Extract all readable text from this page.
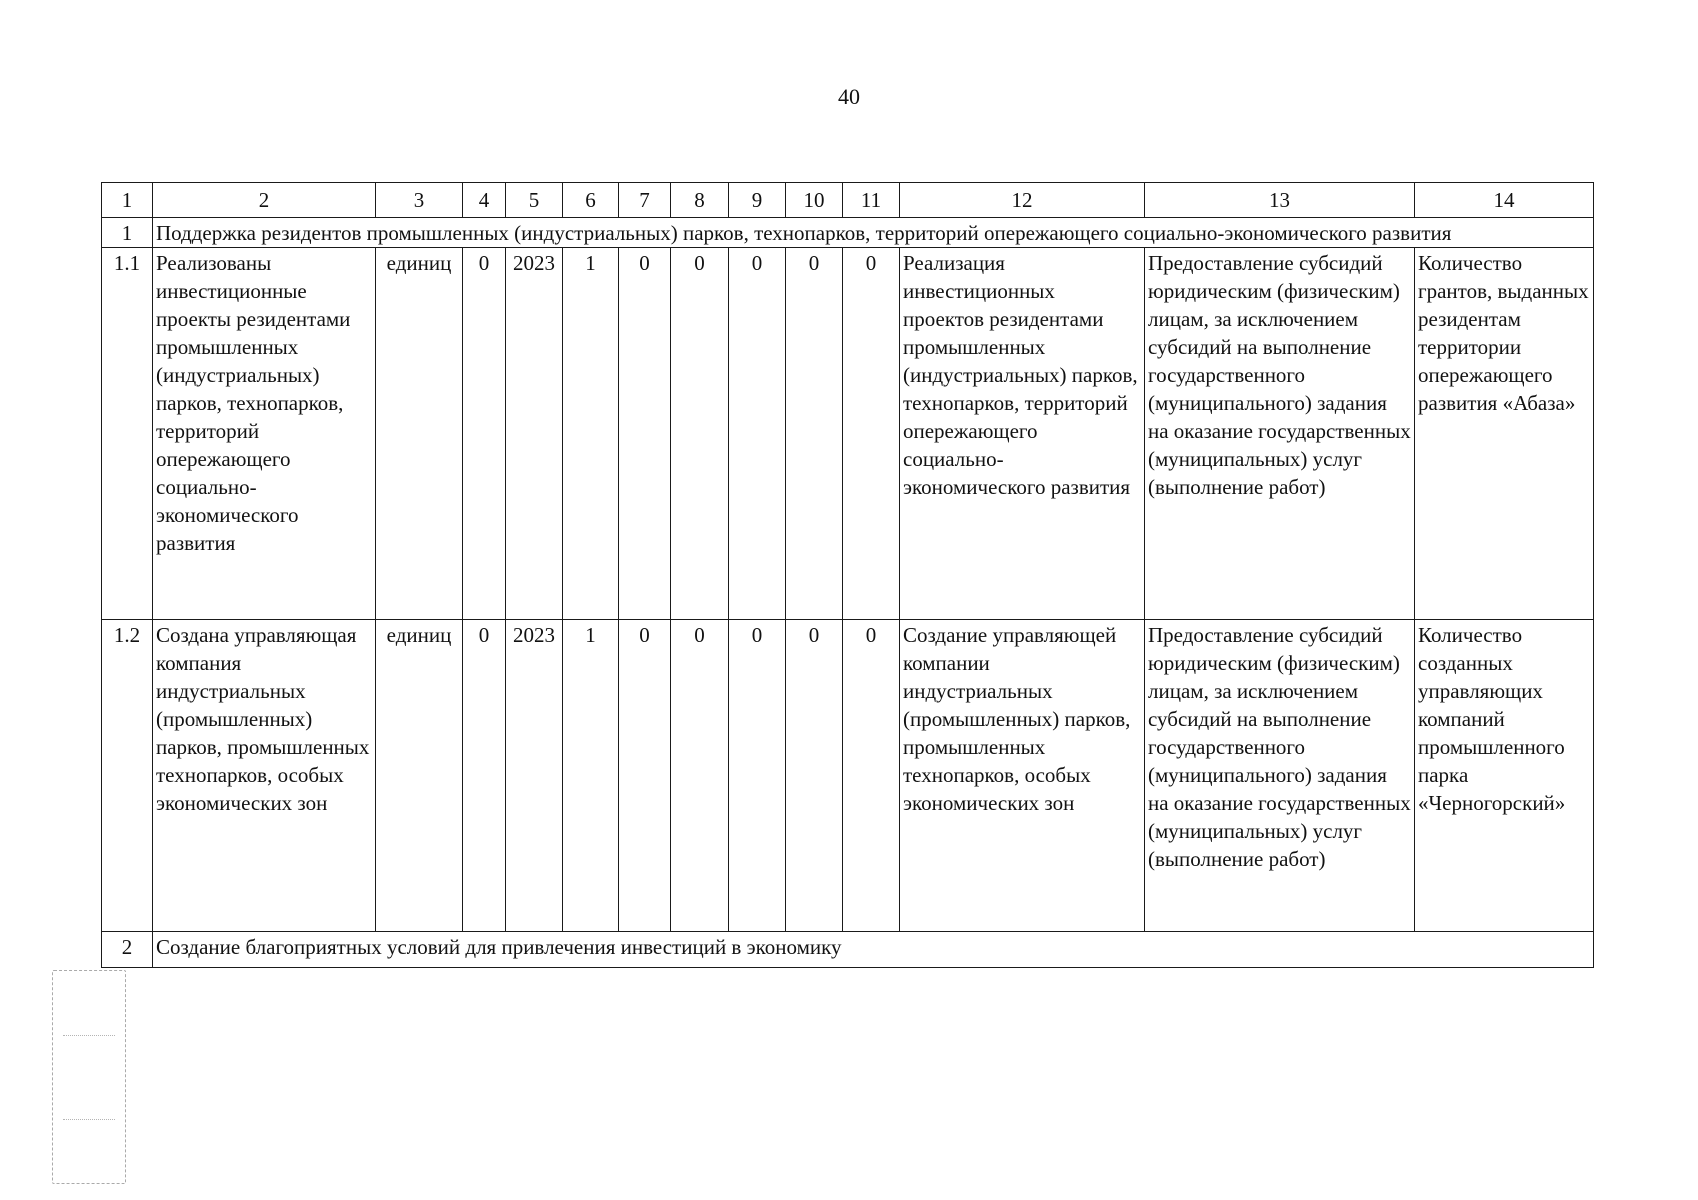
40
1	2	3	4	5	6	7	8	9	10	11	12	13	14
1	Поддержка резидентов промышленных (индустриальных) парков, технопарков, территорий опережающего социально-экономического развития												
1.1	Реализованы инвестиционные проекты резидентами промышленных (индустриальных) парков, технопарков, территорий опережающего социально-экономического развития	единиц	0	2023	1	0	0	0	0	0	Реализация инвестиционных проектов резидентами промышленных (индустриальных) парков, технопарков, территорий опережающего социально-экономического развития	Предоставление субсидий юридическим (физическим) лицам, за исключением субсидий на выполнение государственного (муниципального) задания на оказание государственных (муниципальных) услуг (выполнение работ)	Количество грантов, выданных резидентам территории опережающего развития «Абаза»
1.2	Создана управляющая компания индустриальных (промышленных) парков, промышленных технопарков, особых экономических зон	единиц	0	2023	1	0	0	0	0	0	Создание управляющей компании индустриальных (промышленных) парков, промышленных технопарков, особых экономических зон	Предоставление субсидий юридическим (физическим) лицам, за исключением субсидий на выполнение государственного (муниципального) задания на оказание государственных (муниципальных) услуг (выполнение работ)	Количество созданных управляющих компаний промышленного парка «Черногорский»
2	Создание благоприятных условий для привлечения инвестиций в экономику												
